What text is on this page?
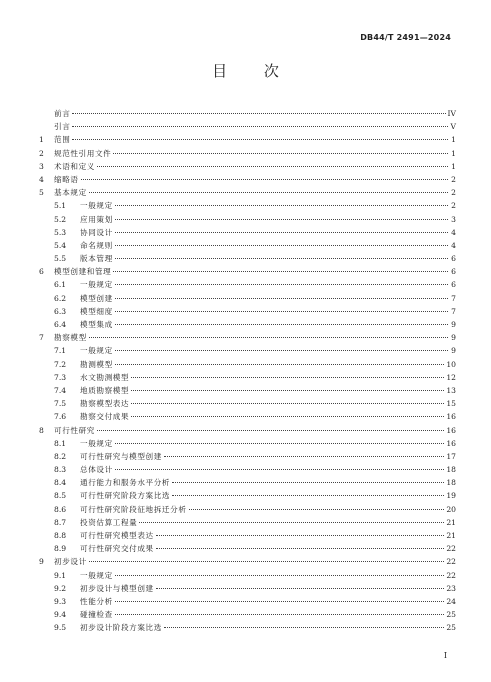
DB44/T 2491—2024
目 次
前言	IV
引言	V
1	范围	1
2	规范性引用文件	1
3	术语和定义	1
4	缩略语	2
5	基本规定	2
5.1	一般规定	2
5.2	应用策划	3
5.3	协同设计	4
5.4	命名规则	4
5.5	版本管理	6
6	模型创建和管理	6
6.1	一般规定	6
6.2	模型创建	7
6.3	模型细度	7
6.4	模型集成	9
7	勘察模型	9
7.1	一般规定	9
7.2	勘测模型	10
7.3	水文勘测模型	12
7.4	地质勘察模型	13
7.5	勘察模型表达	15
7.6	勘察交付成果	16
8	可行性研究	16
8.1	一般规定	16
8.2	可行性研究与模型创建	17
8.3	总体设计	18
8.4	通行能力和服务水平分析	18
8.5	可行性研究阶段方案比选	19
8.6	可行性研究阶段征地拆迁分析	20
8.7	投资估算工程量	21
8.8	可行性研究模型表达	21
8.9	可行性研究交付成果	22
9	初步设计	22
9.1	一般规定	22
9.2	初步设计与模型创建	23
9.3	性能分析	24
9.4	碰撞检查	25
9.5	初步设计阶段方案比选	25
I
